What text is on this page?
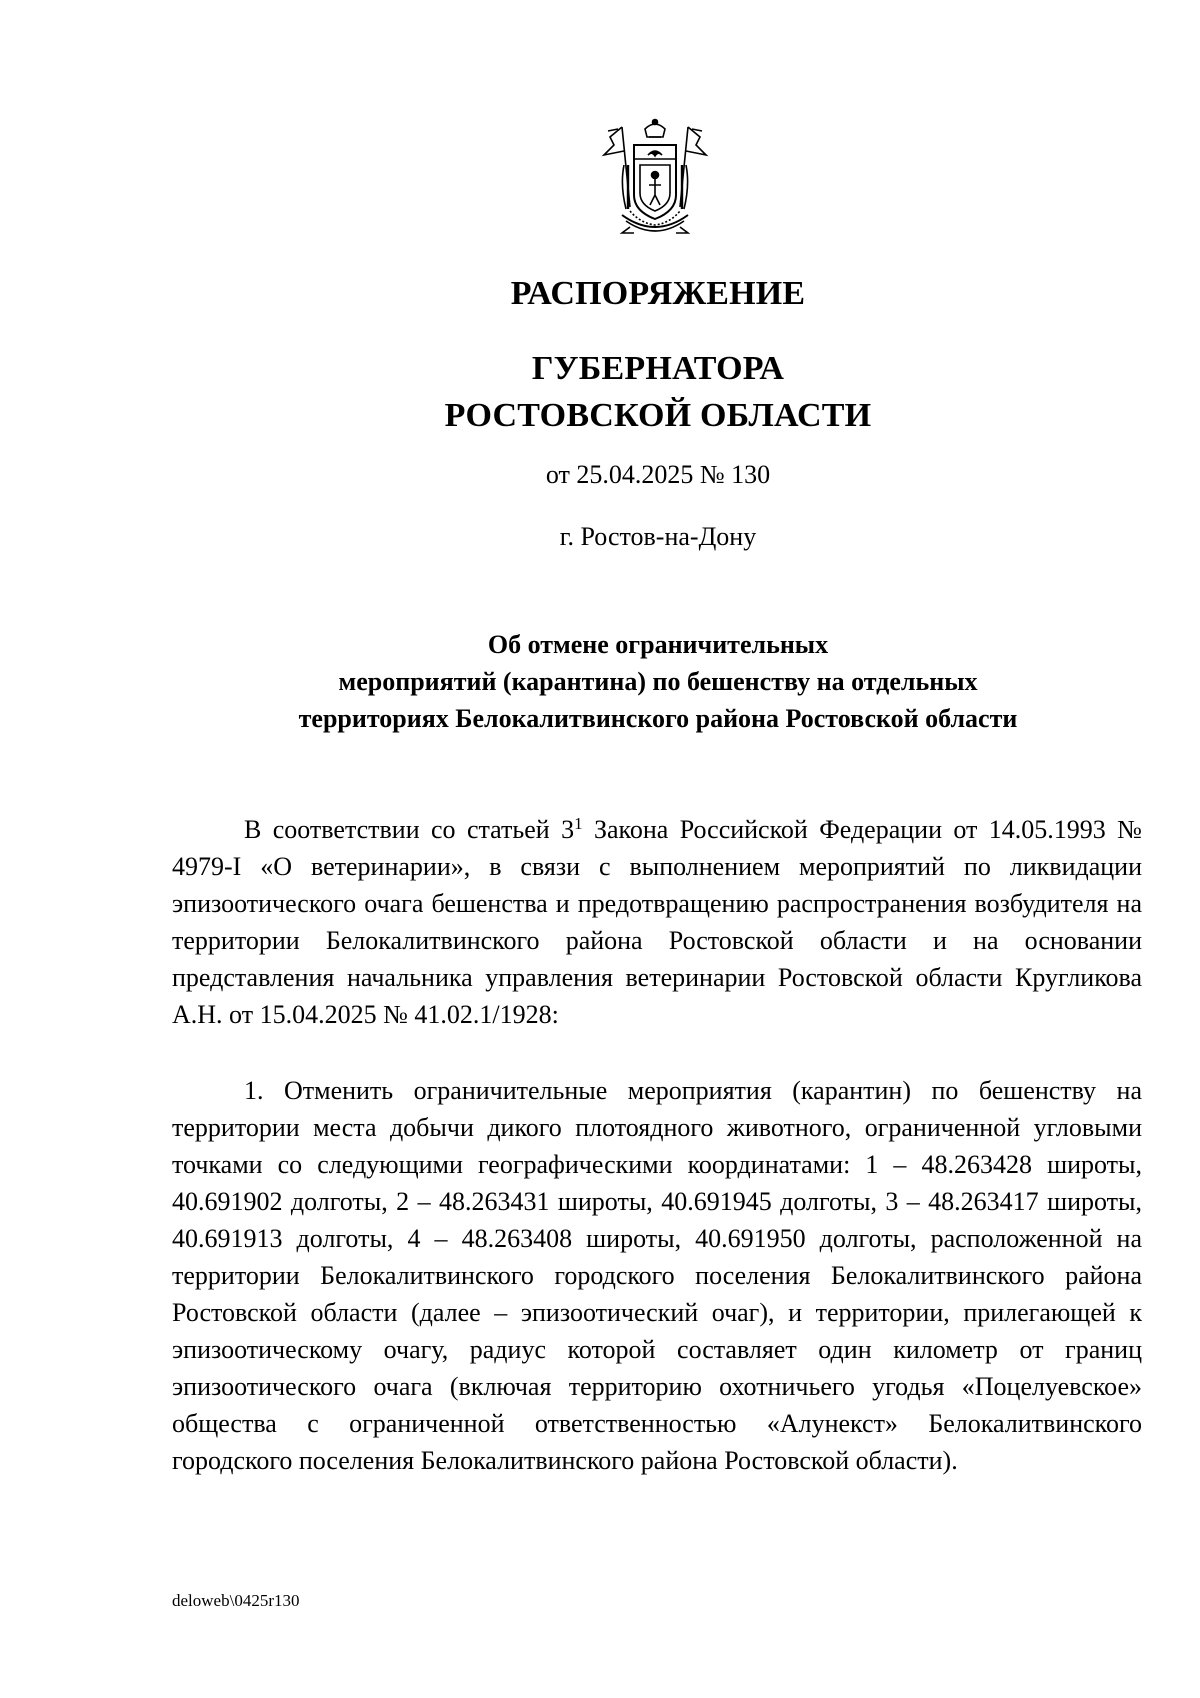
РАСПОРЯЖЕНИЕ
ГУБЕРНАТОРА
РОСТОВСКОЙ ОБЛАСТИ
от 25.04.2025 № 130
г. Ростов-на-Дону
Об отмене ограничительных
мероприятий (карантина) по бешенству на отдельных
территориях Белокалитвинского района Ростовской области

В соответствии со статьей $3^1$ Закона Российской Федерации от 14.05.1993 № 4979-I «О ветеринарии», в связи с выполнением мероприятий по ликвидации эпизоотического очага бешенства и предотвращению распространения возбудителя на территории Белокалитвинского района Ростовской области и на основании представления начальника управления ветеринарии Ростовской области Кругликова А.Н. от 15.04.2025 № 41.02.1/1928:

1. Отменить ограничительные мероприятия (карантин) по бешенству на территории места добычи дикого плотоядного животного, ограниченной угловыми точками со следующими географическими координатами: 1 – 48.263428 широты, 40.691902 долготы, 2 – 48.263431 широты, 40.691945 долготы, 3 – 48.263417 широты, 40.691913 долготы, 4 – 48.263408 широты, 40.691950 долготы, расположенной на территории Белокалитвинского городского поселения Белокалитвинского района Ростовской области (далее – эпизоотический очаг), и территории, прилегающей к эпизоотическому очагу, радиус которой составляет один километр от границ эпизоотического очага (включая территорию охотничьего угодья «Поцелуевское» общества с ограниченной ответственностью «Алунекст» Белокалитвинского городского поселения Белокалитвинского района Ростовской области).

deloweb\0425r130
